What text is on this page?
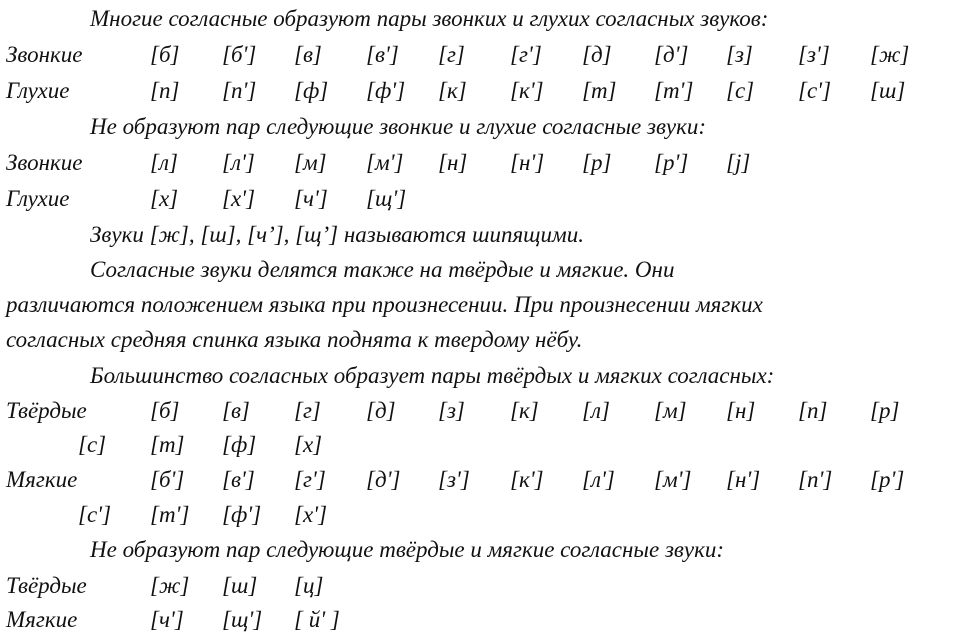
Многие согласные образуют пары звонких и глухих согласных звуков:
Звонкие	[б] [б'] [в] [в'] [г] [г'] [д] [д'] [з] [з'] [ж]
Глухие	[п] [п'] [ф] [ф'] [к] [к'] [т] [т'] [с] [с'] [ш]
Не образуют пар следующие звонкие и глухие согласные звуки:
Звонкие	[л] [л'] [м] [м'] [н] [н'] [р] [р'] [j]
Глухие	[х] [х'] [ч'] [щ']
Звуки [ж], [ш], [ч’], [щ’] называются шипящими.
Согласные звуки делятся также на твёрдые и мягкие. Они
различаются положением языка при произнесении. При произнесении мягких
согласных средняя спинка языка поднята к твердому нёбу.
Большинство согласных образует пары твёрдых и мягких согласных:
Твёрдые	[б] [в] [г] [д] [з] [к] [л] [м] [н] [п] [р]
[с] [т] [ф] [х]
Мягкие	[б'] [в'] [г'] [д'] [з'] [к'] [л'] [м'] [н'] [п'] [р']
[с'] [т'] [ф'] [х']
Не образуют пар следующие твёрдые и мягкие согласные звуки:
Твёрдые	[ж] [ш] [ц]
Мягкие	[ч'] [щ'] [ й' ]
